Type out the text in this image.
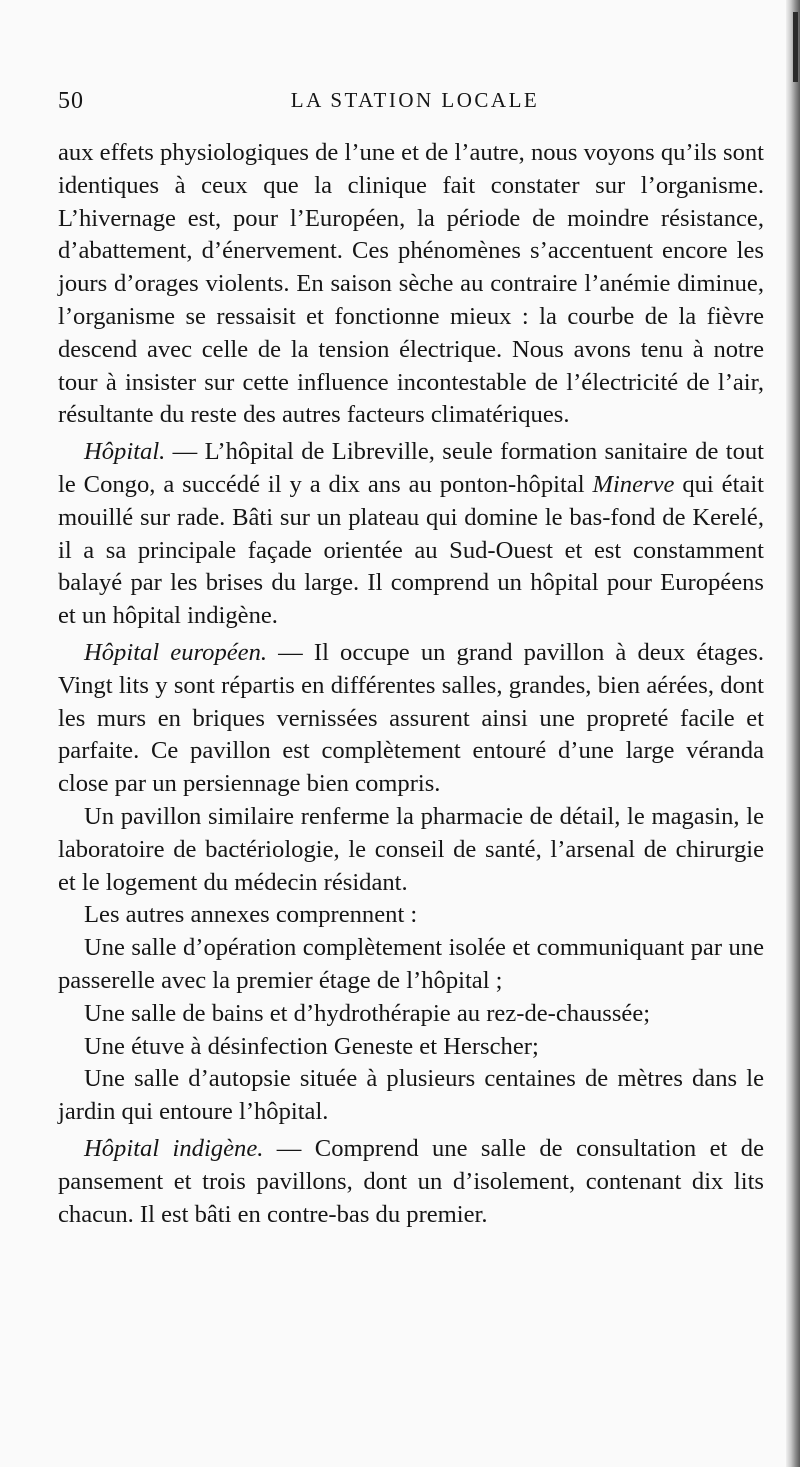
50	LA STATION LOCALE

aux effets physiologiques de l’une et de l’autre, nous voyons qu’ils sont identiques à ceux que la clinique fait constater sur l’organisme. L’hivernage est, pour l’Européen, la période de moindre résistance, d’abattement, d’énervement. Ces phénomènes s’accentuent encore les jours d’orages violents. En saison sèche au contraire l’anémie diminue, l’organisme se ressaisit et fonctionne mieux : la courbe de la fièvre descend avec celle de la tension électrique. Nous avons tenu à notre tour à insister sur cette influence incontestable de l’électricité de l’air, résultante du reste des autres facteurs climatériques.

Hôpital. — L’hôpital de Libreville, seule formation sanitaire de tout le Congo, a succédé il y a dix ans au ponton-hôpital Minerve qui était mouillé sur rade. Bâti sur un plateau qui domine le bas-fond de Kerelé, il a sa principale façade orientée au Sud-Ouest et est constamment balayé par les brises du large. Il comprend un hôpital pour Européens et un hôpital indigène.

Hôpital européen. — Il occupe un grand pavillon à deux étages. Vingt lits y sont répartis en différentes salles, grandes, bien aérées, dont les murs en briques vernissées assurent ainsi une propreté facile et parfaite. Ce pavillon est complètement entouré d’une large véranda close par un persiennage bien compris.

Un pavillon similaire renferme la pharmacie de détail, le magasin, le laboratoire de bactériologie, le conseil de santé, l’arsenal de chirurgie et le logement du médecin résidant.

Les autres annexes comprennent :

Une salle d’opération complètement isolée et communiquant par une passerelle avec la premier étage de l’hôpital ;

Une salle de bains et d’hydrothérapie au rez-de-chaussée;

Une étuve à désinfection Geneste et Herscher;

Une salle d’autopsie située à plusieurs centaines de mètres dans le jardin qui entoure l’hôpital.

Hôpital indigène. — Comprend une salle de consultation et de pansement et trois pavillons, dont un d’isolement, contenant dix lits chacun. Il est bâti en contre-bas du premier.
